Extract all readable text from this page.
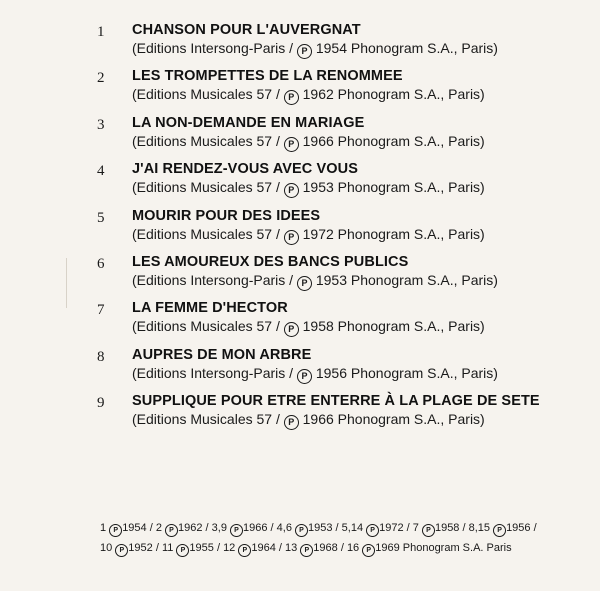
1 CHANSON POUR L'AUVERGNAT
(Editions Intersong-Paris / P 1954 Phonogram S.A., Paris)
2 LES TROMPETTES DE LA RENOMMEE
(Editions Musicales 57 / P 1962 Phonogram S.A., Paris)
3 LA NON-DEMANDE EN MARIAGE
(Editions Musicales 57 / P 1966 Phonogram S.A., Paris)
4 J'AI RENDEZ-VOUS AVEC VOUS
(Editions Musicales 57 / P 1953 Phonogram S.A., Paris)
5 MOURIR POUR DES IDEES
(Editions Musicales 57 / P 1972 Phonogram S.A., Paris)
6 LES AMOUREUX DES BANCS PUBLICS
(Editions Intersong-Paris / P 1953 Phonogram S.A., Paris)
7 LA FEMME D'HECTOR
(Editions Musicales 57 / P 1958 Phonogram S.A., Paris)
8 AUPRES DE MON ARBRE
(Editions Intersong-Paris / P 1956 Phonogram S.A., Paris)
9 SUPPLIQUE POUR ETRE ENTERRE À LA PLAGE DE SETE
(Editions Musicales 57 / P 1966 Phonogram S.A., Paris)
1 P 1954 / 2 P 1962 / 3,9 P 1966 / 4,6 P 1953 / 5,14 P 1972 / 7 P 1958 / 8,15 P 1956 /
10 P 1952 / 11 P 1955 / 12 P 1964 / 13 P 1968 / 16 P 1969 Phonogram S.A. Paris
